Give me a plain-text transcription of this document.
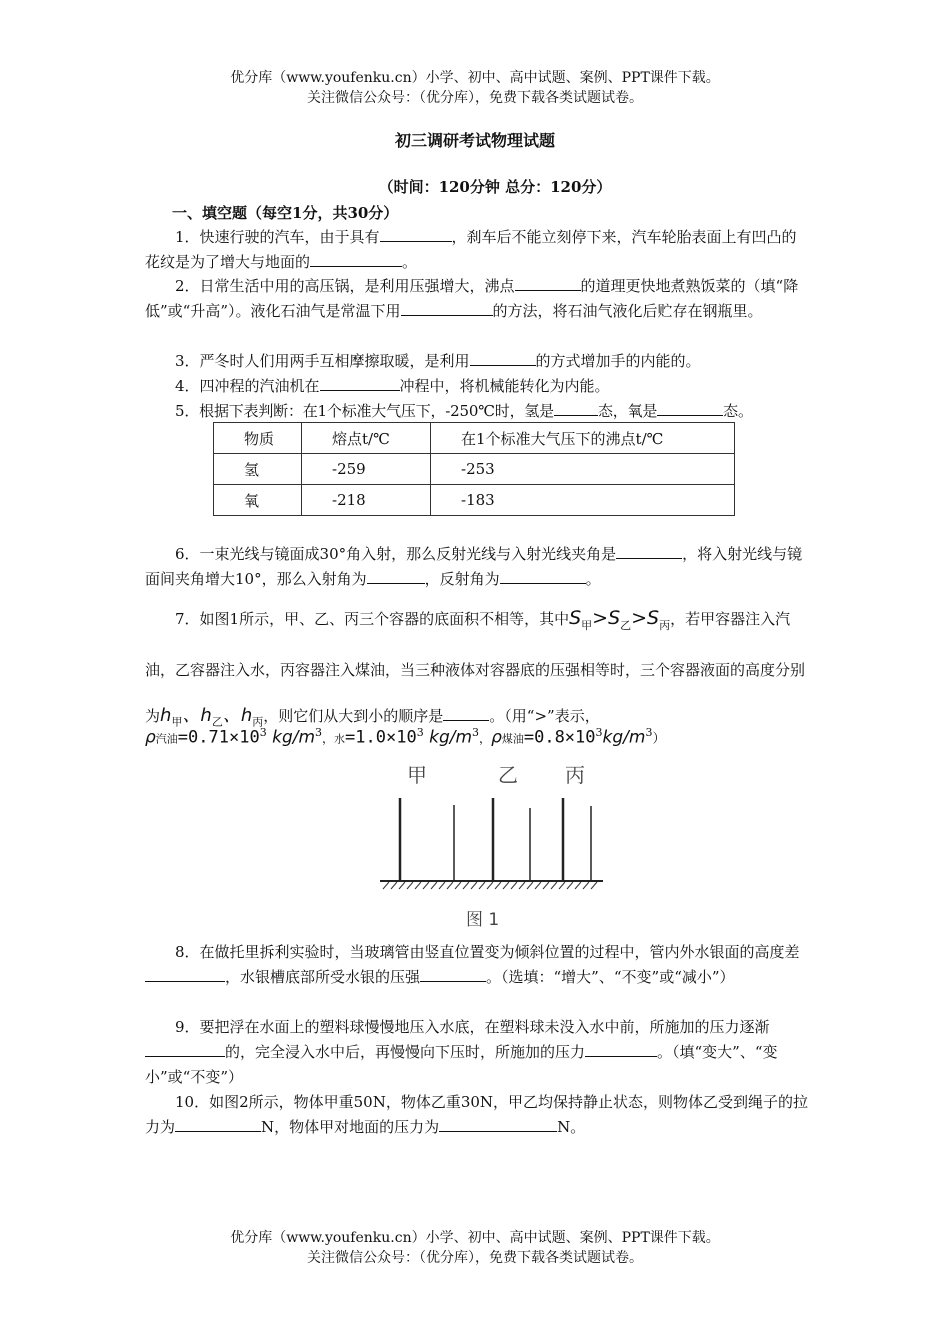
优分库（www.youfenku.cn）小学、初中、高中试题、案例、PPT课件下载。
关注微信公众号：（优分库），免费下载各类试题试卷。
初三调研考试物理试题
（时间：120分钟 总分：120分）
一、填空题（每空1分，共30分）
1．快速行驶的汽车，由于具有	，刹车后不能立刻停下来，汽车轮胎表面上有凹凸的花纹是为了增大与地面的	。
2．日常生活中用的高压锅，是利用压强增大，沸点	的道理更快地煮熟饭菜的（填“降低”或“升高”）。液化石油气是常温下用	的方法，将石油气液化后贮存在钢瓶里。
3．严冬时人们用两手互相摩擦取暖，是利用	的方式增加手的内能的。
4．四冲程的汽油机在	冲程中，将机械能转化为内能。
5．根据下表判断：在1个标准大气压下，-250℃时，氢是	态，氧是	态。
物质	熔点t/℃	在1个标准大气压下的沸点t/℃
氢	-259	-253
氧	-218	-183
6．一束光线与镜面成30°角入射，那么反射光线与入射光线夹角是	，将入射光线与镜面间夹角增大10°，那么入射角为	，反射角为	。
7．如图1所示，甲、乙、丙三个容器的底面积不相等，其中$S_甲>S_乙>S_丙$，若甲容器注入汽油，乙容器注入水，丙容器注入煤油，当三种液体对容器底的压强相等时，三个容器液面的高度分别为$h_甲$、$h_乙$、$h_丙$，则它们从大到小的顺序是	。（用“>”表示，
ρ汽油$=0.71\times 10^3$ $kg/m^3$，水$=1.0\times 10^3$ $kg/m^3$，ρ煤油$=0.8\times 10^3kg/m^3$）
甲	乙 丙
图 1
8．在做托里拆利实验时，当玻璃管由竖直位置变为倾斜位置的过程中，管内外水银面的高度差，水银槽底部所受水银的压强	。（选填：“增大”、“不变”或“减小”）
9．要把浮在水面上的塑料球慢慢地压入水底，在塑料球未没入水中前，所施加的压力逐渐的，完全浸入水中后，再慢慢向下压时，所施加的压力	。（填“变大”、“变小”或“不变”）
10．如图2所示，物体甲重50N，物体乙重30N，甲乙均保持静止状态，则物体乙受到绳子的拉力为	N，物体甲对地面的压力为	N。
优分库（www.youfenku.cn）小学、初中、高中试题、案例、PPT课件下载。
关注微信公众号：（优分库），免费下载各类试题试卷。
